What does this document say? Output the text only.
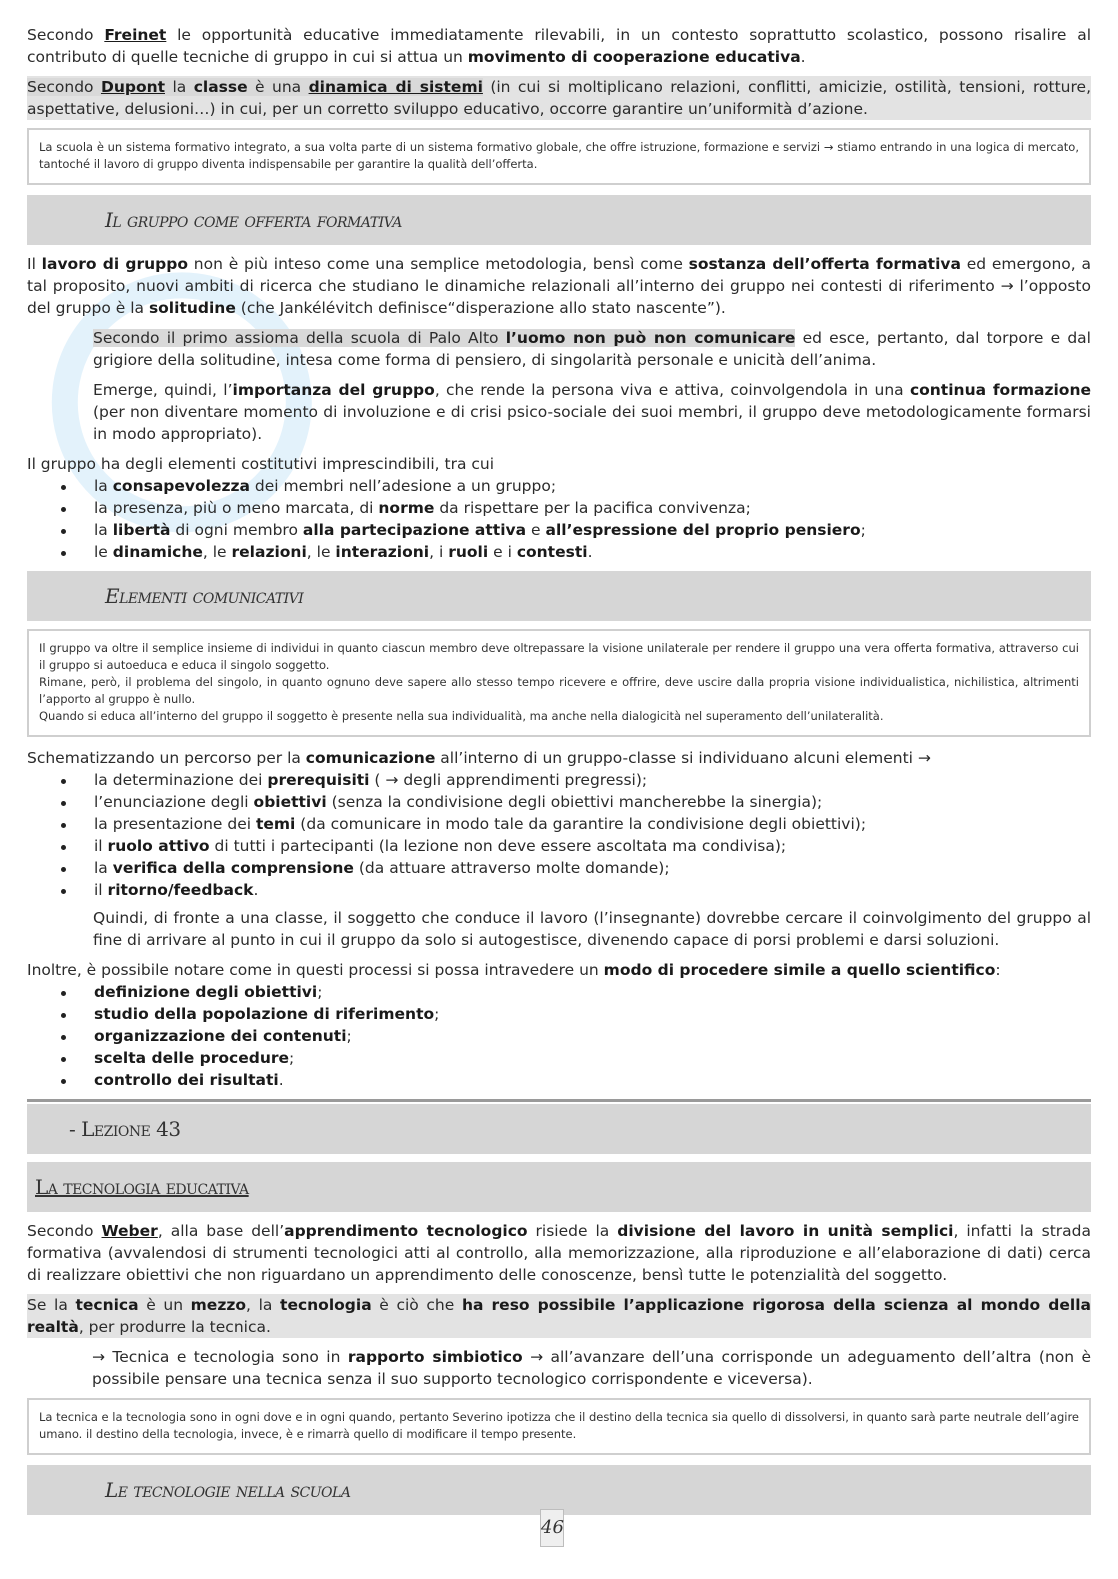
Secondo Freinet le opportunità educative immediatamente rilevabili, in un contesto soprattutto scolastico, possono risalire al contributo di quelle tecniche di gruppo in cui si attua un movimento di cooperazione educativa.

Secondo Dupont la classe è una dinamica di sistemi (in cui si moltiplicano relazioni, conflitti, amicizie, ostilità, tensioni, rotture, aspettative, delusioni…) in cui, per un corretto sviluppo educativo, occorre garantire un’uniformità d’azione.

La scuola è un sistema formativo integrato, a sua volta parte di un sistema formativo globale, che offre istruzione, formazione e servizi → stiamo entrando in una logica di mercato, tantoché il lavoro di gruppo diventa indispensabile per garantire la qualità dell’offerta.
Il gruppo come offerta formativa

Il lavoro di gruppo non è più inteso come una semplice metodologia, bensì come sostanza dell’offerta formativa ed emergono, a tal proposito, nuovi ambiti di ricerca che studiano le dinamiche relazionali all’interno dei gruppo nei contesti di riferimento → l’opposto del gruppo è la solitudine (che Jankélévitch definisce“disperazione allo stato nascente”).

Secondo il primo assioma della scuola di Palo Alto l’uomo non può non comunicare ed esce, pertanto, dal torpore e dal grigiore della solitudine, intesa come forma di pensiero, di singolarità personale e unicità dell’anima.

Emerge, quindi, l’importanza del gruppo, che rende la persona viva e attiva, coinvolgendola in una continua formazione (per non diventare momento di involuzione e di crisi psico-sociale dei suoi membri, il gruppo deve metodologicamente formarsi in modo appropriato).

Il gruppo ha degli elementi costitutivi imprescindibili, tra cui

la consapevolezza dei membri nell’adesione a un gruppo;
la presenza, più o meno marcata, di norme da rispettare per la pacifica convivenza;
la libertà di ogni membro alla partecipazione attiva e all’espressione del proprio pensiero;
le dinamiche, le relazioni, le interazioni, i ruoli e i contesti.
Elementi comunicativi
Il gruppo va oltre il semplice insieme di individui in quanto ciascun membro deve oltrepassare la visione unilaterale per rendere il gruppo una vera offerta formativa, attraverso cui il gruppo si autoeduca e educa il singolo soggetto.
Rimane, però, il problema del singolo, in quanto ognuno deve sapere allo stesso tempo ricevere e offrire, deve uscire dalla propria visione individualistica, nichilistica, altrimenti l’apporto al gruppo è nullo.
Quando si educa all’interno del gruppo il soggetto è presente nella sua individualità, ma anche nella dialogicità nel superamento dell’unilateralità.

Schematizzando un percorso per la comunicazione all’interno di un gruppo-classe si individuano alcuni elementi →

la determinazione dei prerequisiti ( → degli apprendimenti pregressi);
l’enunciazione degli obiettivi (senza la condivisione degli obiettivi mancherebbe la sinergia);
la presentazione dei temi (da comunicare in modo tale da garantire la condivisione degli obiettivi);
il ruolo attivo di tutti i partecipanti (la lezione non deve essere ascoltata ma condivisa);
la verifica della comprensione (da attuare attraverso molte domande);
il ritorno/feedback.

Quindi, di fronte a una classe, il soggetto che conduce il lavoro (l’insegnante) dovrebbe cercare il coinvolgimento del gruppo al fine di arrivare al punto in cui il gruppo da solo si autogestisce, divenendo capace di porsi problemi e darsi soluzioni.

Inoltre, è possibile notare come in questi processi si possa intravedere un modo di procedere simile a quello scientifico:

definizione degli obiettivi;
studio della popolazione di riferimento;
organizzazione dei contenuti;
scelta delle procedure;
controllo dei risultati.
- Lezione 43
La tecnologia educativa

Secondo Weber, alla base dell’apprendimento tecnologico risiede la divisione del lavoro in unità semplici, infatti la strada formativa (avvalendosi di strumenti tecnologici atti al controllo, alla memorizzazione, alla riproduzione e all’elaborazione di dati) cerca di realizzare obiettivi che non riguardano un apprendimento delle conoscenze, bensì tutte le potenzialità del soggetto.

Se la tecnica è un mezzo, la tecnologia è ciò che ha reso possibile l’applicazione rigorosa della scienza al mondo della realtà, per produrre la tecnica.

→ Tecnica e tecnologia sono in rapporto simbiotico → all’avanzare dell’una corrisponde un adeguamento dell’altra (non è possibile pensare una tecnica senza il suo supporto tecnologico corrispondente e viceversa).

La tecnica e la tecnologia sono in ogni dove e in ogni quando, pertanto Severino ipotizza che il destino della tecnica sia quello di dissolversi, in quanto sarà parte neutrale dell’agire umano. il destino della tecnologia, invece, è e rimarrà quello di modificare il tempo presente.
Le tecnologie nella scuola
46
